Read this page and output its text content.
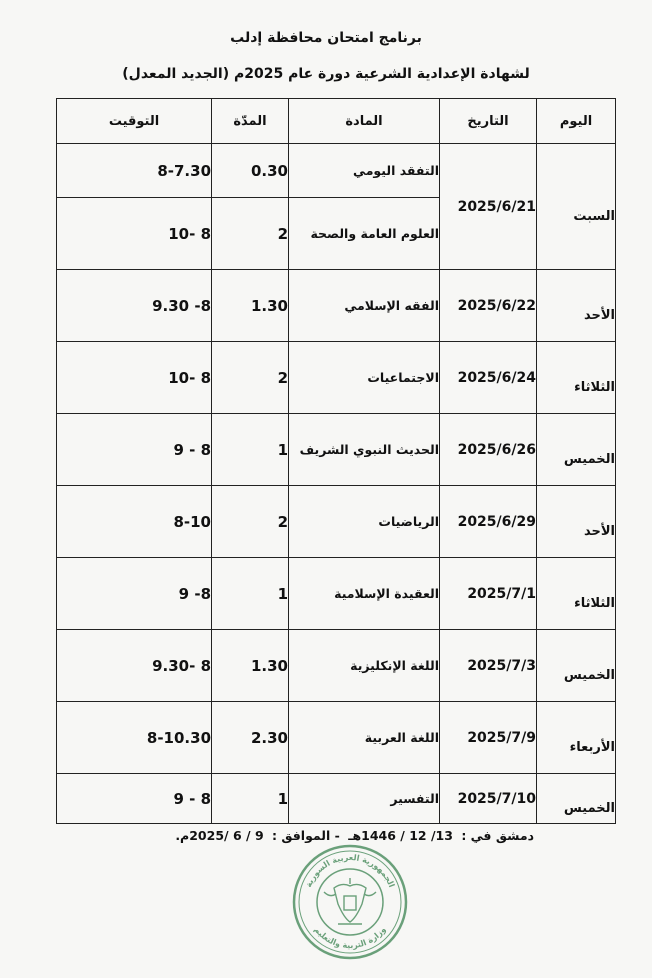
برنامج امتحان محافظة إدلب
لشهادة الإعدادية الشرعية دورة عام 2025م (الجديد المعدل)
اليوم	التاريخ	المادة	المدّة	التوقيت
السبت	2025/6/21	التفقد اليومي	0.30	8-7.30
		العلوم العامة والصحة	2	8 -10
الأحد	2025/6/22	الفقه الإسلامي	1.30	8- 9.30
الثلاثاء	2025/6/24	الاجتماعيات	2	8 -10
الخميس	2025/6/26	الحديث النبوي الشريف	1	8 - 9
الأحد	2025/6/29	الرياضيات	2	8-10
الثلاثاء	2025/7/1	العقيدة الإسلامية	1	8- 9
الخميس	2025/7/3	اللغة الإنكليزية	1.30	8 -9.30
الأربعاء	2025/7/9	اللغة العربية	2.30	8-10.30
الخميس	2025/7/10	التفسير	1	8 - 9
دمشق في : 13/ 12 / 1446هـ - الموافق : 9 / 6 /2025م.
الجمهورية العربية السورية
وزارة التربية والتعليم
